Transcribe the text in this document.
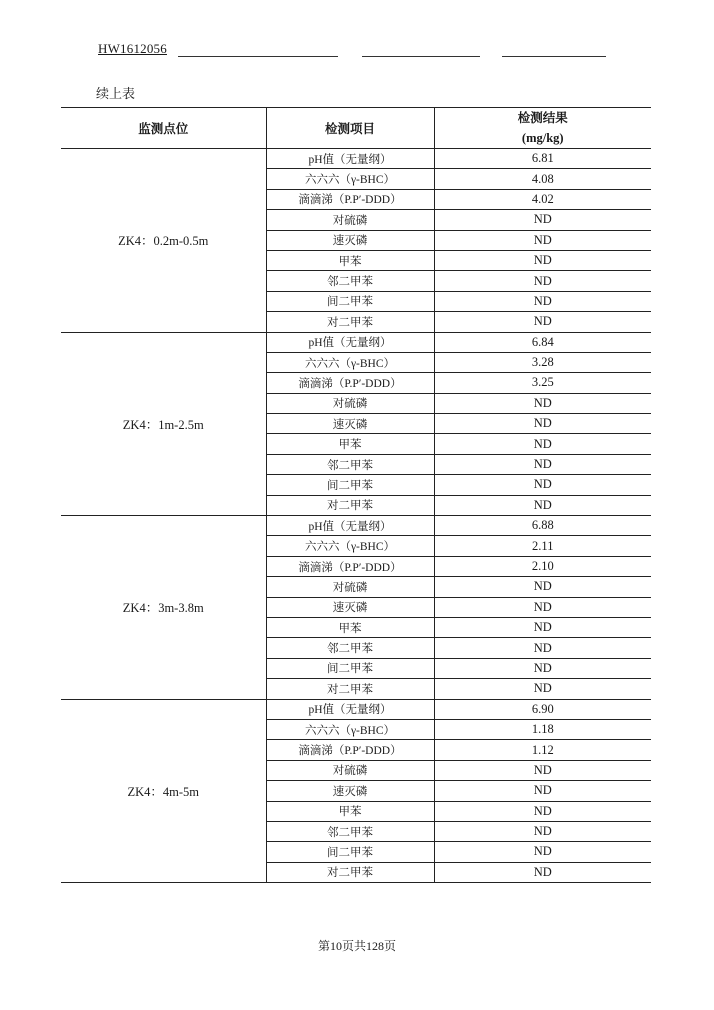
HW1612056
续上表
监测点位	检测项目	检测结果
(mg/kg)

ZK4：0.2m-0.5m	pH值（无量纲）	6.81
	六六六（γ-BHC）	4.08
	滴滴涕（P.P′-DDD）	4.02
	对硫磷	ND
	速灭磷	ND
	甲苯	ND
	邻二甲苯	ND
	间二甲苯	ND
	对二甲苯	ND
ZK4：1m-2.5m	pH值（无量纲）	6.84
	六六六（γ-BHC）	3.28
	滴滴涕（P.P′-DDD）	3.25
	对硫磷	ND
	速灭磷	ND
	甲苯	ND
	邻二甲苯	ND
	间二甲苯	ND
	对二甲苯	ND
ZK4：3m-3.8m	pH值（无量纲）	6.88
	六六六（γ-BHC）	2.11
	滴滴涕（P.P′-DDD）	2.10
	对硫磷	ND
	速灭磷	ND
	甲苯	ND
	邻二甲苯	ND
	间二甲苯	ND
	对二甲苯	ND
ZK4：4m-5m	pH值（无量纲）	6.90
	六六六（γ-BHC）	1.18
	滴滴涕（P.P′-DDD）	1.12
	对硫磷	ND
	速灭磷	ND
	甲苯	ND
	邻二甲苯	ND
	间二甲苯	ND
	对二甲苯	ND
第10页共128页
